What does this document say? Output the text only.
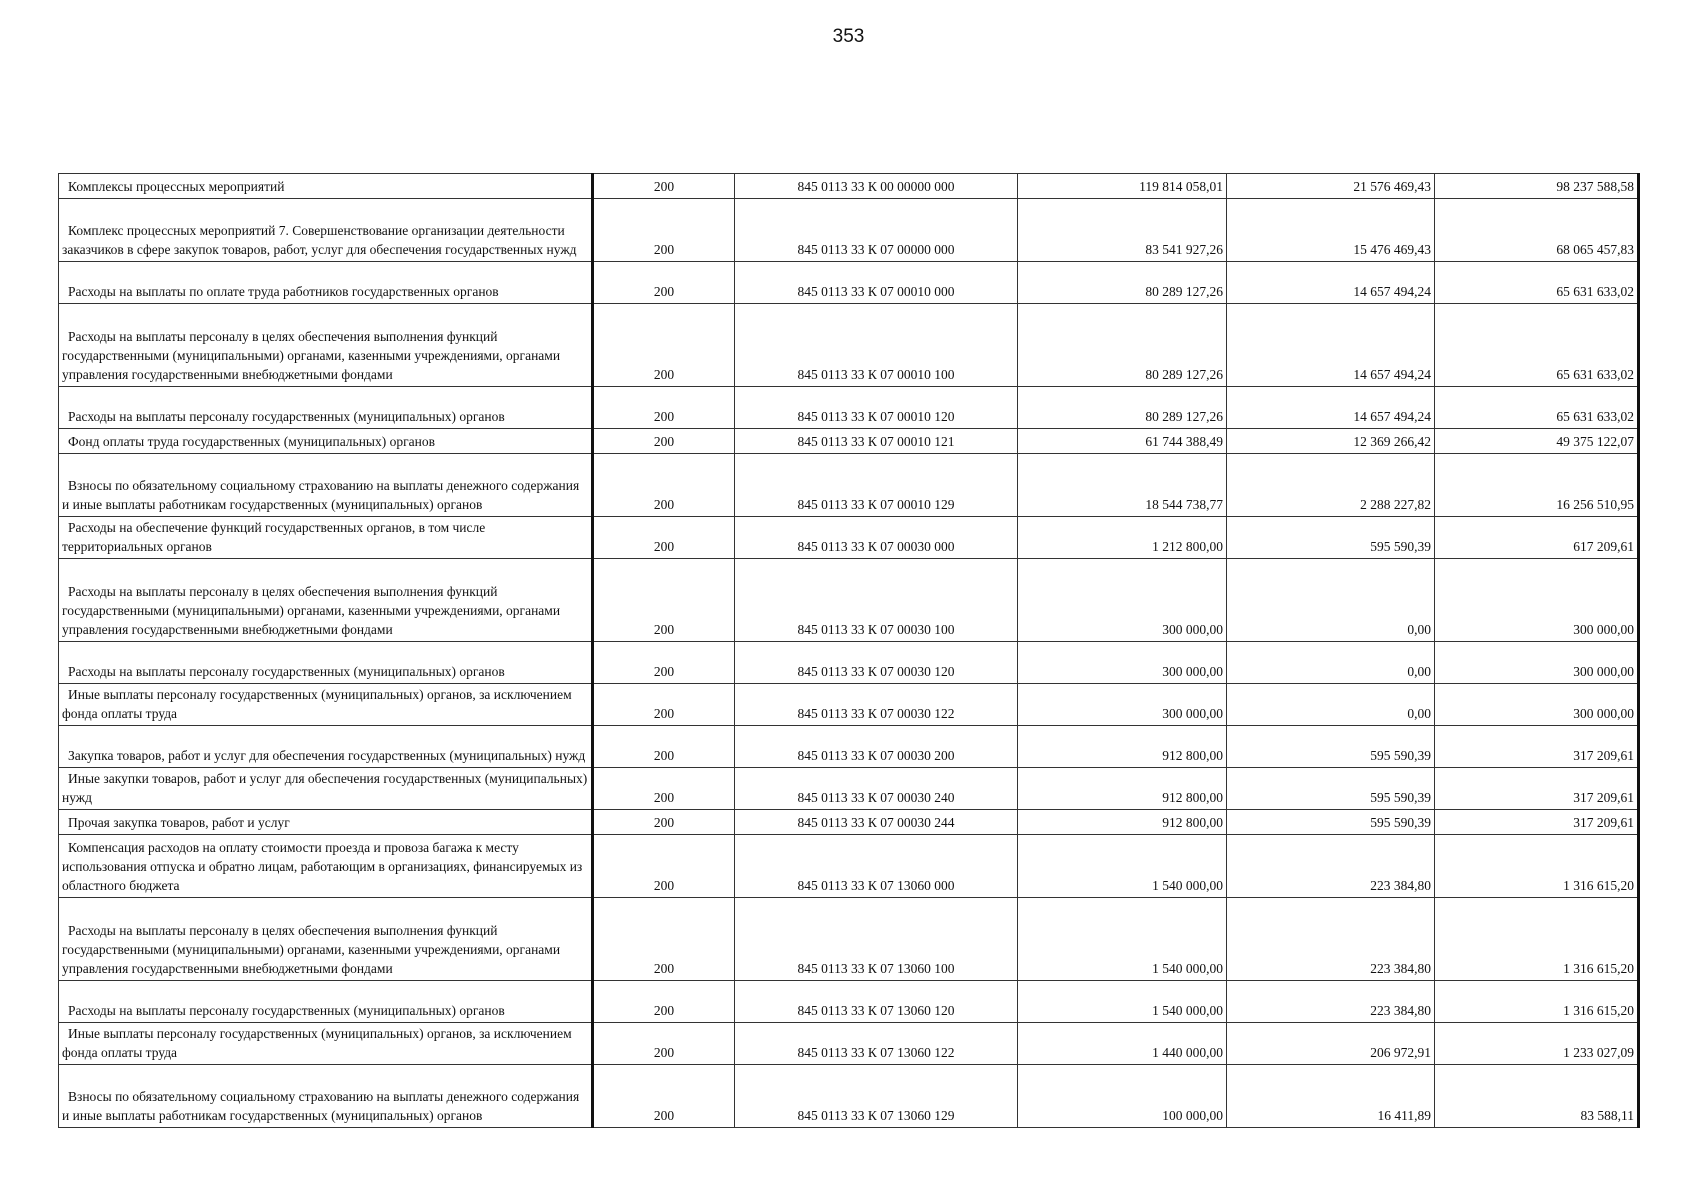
353
Комплексы процессных мероприятий	200	845 0113 33 К 00 00000 000	119 814 058,01	21 576 469,43	98 237 588,58
Комплекс процессных мероприятий 7. Совершенствование организации деятельности заказчиков в сфере закупок товаров, работ, услуг для обеспечения государственных нужд	200	845 0113 33 К 07 00000 000	83 541 927,26	15 476 469,43	68 065 457,83
Расходы на выплаты по оплате труда работников государственных органов	200	845 0113 33 К 07 00010 000	80 289 127,26	14 657 494,24	65 631 633,02
Расходы на выплаты персоналу в целях обеспечения выполнения функций государственными (муниципальными) органами, казенными учреждениями, органами управления государственными внебюджетными фондами	200	845 0113 33 К 07 00010 100	80 289 127,26	14 657 494,24	65 631 633,02
Расходы на выплаты персоналу государственных (муниципальных) органов	200	845 0113 33 К 07 00010 120	80 289 127,26	14 657 494,24	65 631 633,02
Фонд оплаты труда государственных (муниципальных) органов	200	845 0113 33 К 07 00010 121	61 744 388,49	12 369 266,42	49 375 122,07
Взносы по обязательному социальному страхованию на выплаты денежного содержания и иные выплаты работникам государственных (муниципальных) органов	200	845 0113 33 К 07 00010 129	18 544 738,77	2 288 227,82	16 256 510,95
Расходы на обеспечение функций государственных органов, в том числе территориальных органов	200	845 0113 33 К 07 00030 000	1 212 800,00	595 590,39	617 209,61
Расходы на выплаты персоналу в целях обеспечения выполнения функций государственными (муниципальными) органами, казенными учреждениями, органами управления государственными внебюджетными фондами	200	845 0113 33 К 07 00030 100	300 000,00	0,00	300 000,00
Расходы на выплаты персоналу государственных (муниципальных) органов	200	845 0113 33 К 07 00030 120	300 000,00	0,00	300 000,00
Иные выплаты персоналу государственных (муниципальных) органов, за исключением фонда оплаты труда	200	845 0113 33 К 07 00030 122	300 000,00	0,00	300 000,00
Закупка товаров, работ и услуг для обеспечения государственных (муниципальных) нужд	200	845 0113 33 К 07 00030 200	912 800,00	595 590,39	317 209,61
Иные закупки товаров, работ и услуг для обеспечения государственных (муниципальных) нужд	200	845 0113 33 К 07 00030 240	912 800,00	595 590,39	317 209,61
Прочая закупка товаров, работ и услуг	200	845 0113 33 К 07 00030 244	912 800,00	595 590,39	317 209,61
Компенсация расходов на оплату стоимости проезда и провоза багажа к месту использования отпуска и обратно лицам, работающим в организациях, финансируемых из областного бюджета	200	845 0113 33 К 07 13060 000	1 540 000,00	223 384,80	1 316 615,20
Расходы на выплаты персоналу в целях обеспечения выполнения функций государственными (муниципальными) органами, казенными учреждениями, органами управления государственными внебюджетными фондами	200	845 0113 33 К 07 13060 100	1 540 000,00	223 384,80	1 316 615,20
Расходы на выплаты персоналу государственных (муниципальных) органов	200	845 0113 33 К 07 13060 120	1 540 000,00	223 384,80	1 316 615,20
Иные выплаты персоналу государственных (муниципальных) органов, за исключением фонда оплаты труда	200	845 0113 33 К 07 13060 122	1 440 000,00	206 972,91	1 233 027,09
Взносы по обязательному социальному страхованию на выплаты денежного содержания и иные выплаты работникам государственных (муниципальных) органов	200	845 0113 33 К 07 13060 129	100 000,00	16 411,89	83 588,11
